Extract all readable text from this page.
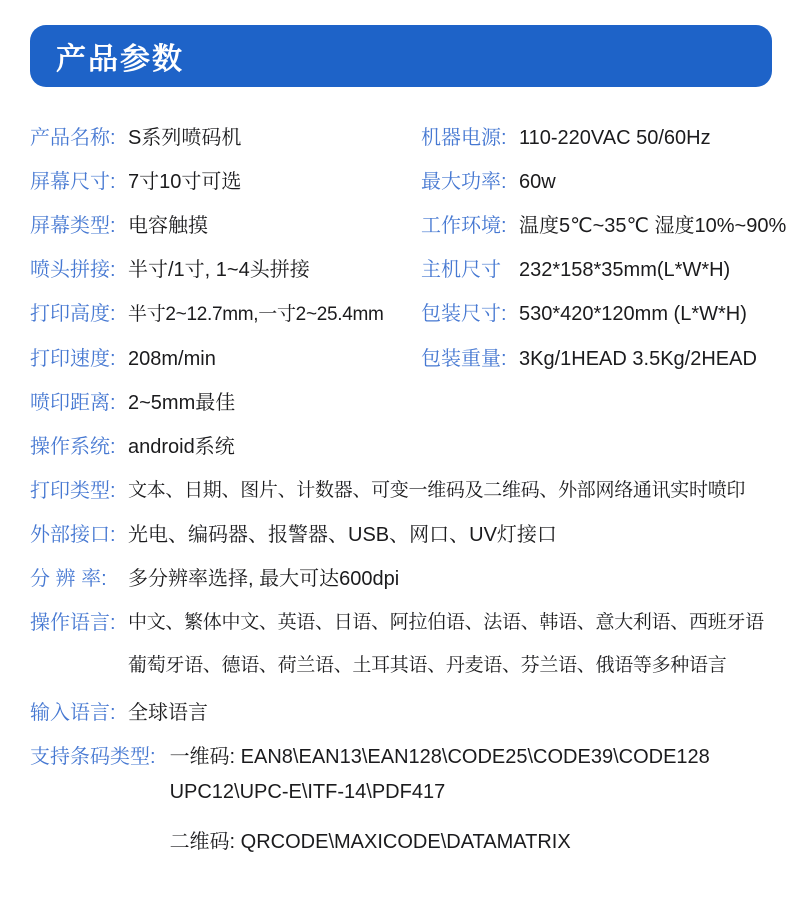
产品参数
产品名称: S系列喷码机	机器电源: 110-220VAC 50/60Hz
屏幕尺寸: 7寸10寸可选	最大功率: 60w
屏幕类型: 电容触摸	工作环境: 温度5℃~35℃ 湿度10%~90%
喷头拼接: 半寸/1寸, 1~4头拼接	主机尺寸 232*158*35mm(L*W*H)
打印高度: 半寸2~12.7mm,一寸2~25.4mm	包装尺寸: 530*420*120mm (L*W*H)
打印速度: 208m/min	包装重量: 3Kg/1HEAD 3.5Kg/2HEAD
喷印距离: 2~5mm最佳
操作系统: android系统
打印类型: 文本、日期、图片、计数器、可变一维码及二维码、外部网络通讯实时喷印
外部接口: 光电、编码器、报警器、USB、网口、UV灯接口
分 辨 率:	多分辨率选择, 最大可达600dpi
操作语言: 中文、繁体中文、英语、日语、阿拉伯语、法语、韩语、意大利语、西班牙语
葡萄牙语、德语、荷兰语、土耳其语、丹麦语、芬兰语、俄语等多种语言
输入语言: 全球语言
支持条码类型: 一维码: EAN8\EAN13\EAN128\CODE25\CODE39\CODE128
UPC12\UPC-E\ITF-14\PDF417
二维码: QRCODE\MAXICODE\DATAMATRIX
